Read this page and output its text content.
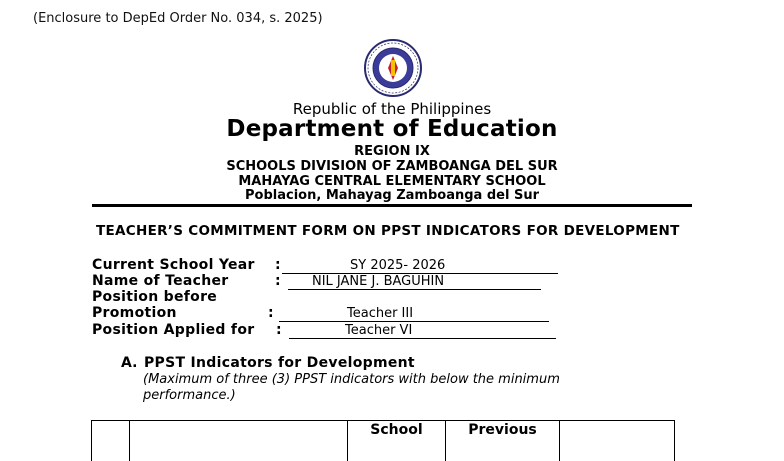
(Enclosure to DepEd Order No. 034, s. 2025)
Republic of the Philippines
Department of Education
REGION IX
SCHOOLS DIVISION OF ZAMBOANGA DEL SUR
MAHAYAG CENTRAL ELEMENTARY SCHOOL
Poblacion, Mahayag Zamboanga del Sur
TEACHER’S COMMITMENT FORM ON PPST INDICATORS FOR DEVELOPMENT
Current School Year :	SY 2025- 2026
Name of Teacher	:	NIL JANE J. BAGUHIN
Position before
Promotion	:	Teacher III
Position Applied for :	Teacher VI
A. PPST Indicators for Development
(Maximum of three (3) PPST indicators with below the minimum performance.)
School	Previous
